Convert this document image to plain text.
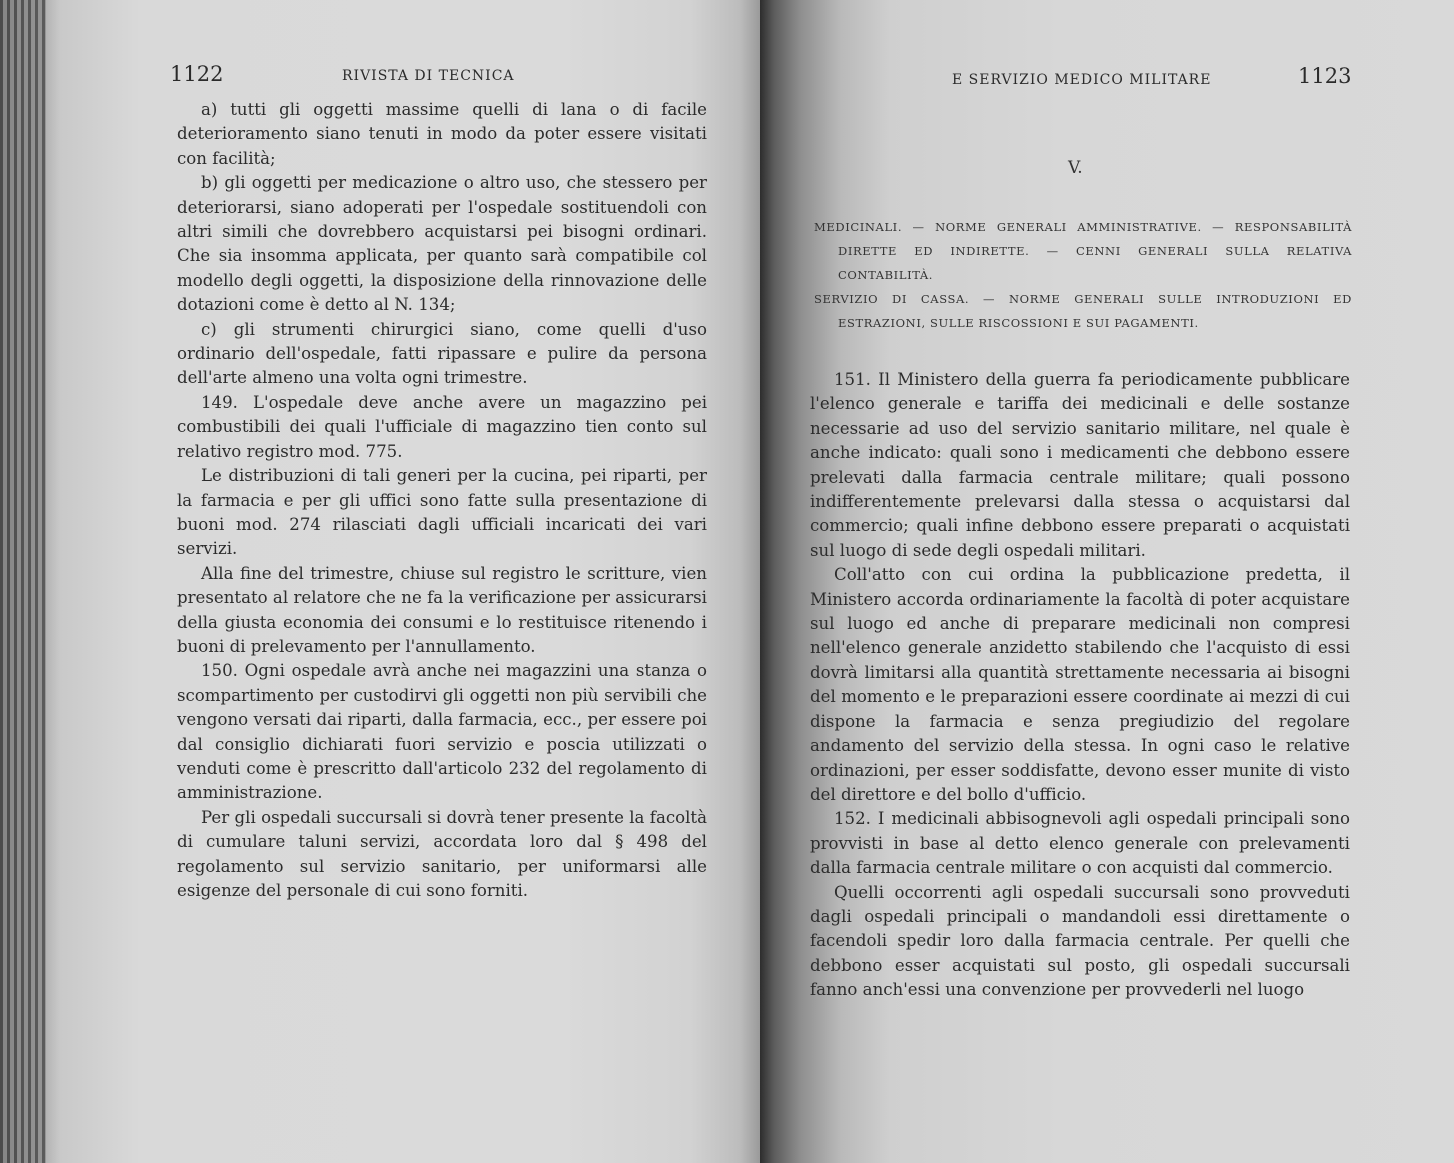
1122	RIVISTA DI TECNICA

a) tutti gli oggetti massime quelli di lana o di facile deterioramento siano tenuti in modo da poter essere visitati con facilità;

b) gli oggetti per medicazione o altro uso, che stessero per deteriorarsi, siano adoperati per l'ospedale sostituendoli con altri simili che dovrebbero acquistarsi pei bisogni ordinari. Che sia insomma applicata, per quanto sarà compatibile col modello degli oggetti, la disposizione della rinnovazione delle dotazioni come è detto al N. 134;

c) gli strumenti chirurgici siano, come quelli d'uso ordinario dell'ospedale, fatti ripassare e pulire da persona dell'arte almeno una volta ogni trimestre.

149. L'ospedale deve anche avere un magazzino pei combustibili dei quali l'ufficiale di magazzino tien conto sul relativo registro mod. 775.

Le distribuzioni di tali generi per la cucina, pei riparti, per la farmacia e per gli uffici sono fatte sulla presentazione di buoni mod. 274 rilasciati dagli ufficiali incaricati dei vari servizi.

Alla fine del trimestre, chiuse sul registro le scritture, vien presentato al relatore che ne fa la verificazione per assicurarsi della giusta economia dei consumi e lo restituisce ritenendo i buoni di prelevamento per l'annullamento.

150. Ogni ospedale avrà anche nei magazzini una stanza o scompartimento per custodirvi gli oggetti non più servibili che vengono versati dai riparti, dalla farmacia, ecc., per essere poi dal consiglio dichiarati fuori servizio e poscia utilizzati o venduti come è prescritto dall'articolo 232 del regolamento di amministrazione.

Per gli ospedali succursali si dovrà tener presente la facoltà di cumulare taluni servizi, accordata loro dal § 498 del regolamento sul servizio sanitario, per uniformarsi alle esigenze del personale di cui sono forniti.

E SERVIZIO MEDICO MILITARE	1123
V.

MEDICINALI. — NORME GENERALI AMMINISTRATIVE. — RESPONSABILITÀ DIRETTE ED INDIRETTE. — CENNI GENERALI SULLA RELATIVA CONTABILITÀ.

SERVIZIO DI CASSA. — NORME GENERALI SULLE INTRODUZIONI ED ESTRAZIONI, SULLE RISCOSSIONI E SUI PAGAMENTI.

151. Il Ministero della guerra fa periodicamente pubblicare l'elenco generale e tariffa dei medicinali e delle sostanze necessarie ad uso del servizio sanitario militare, nel quale è anche indicato: quali sono i medicamenti che debbono essere prelevati dalla farmacia centrale militare; quali possono indifferentemente prelevarsi dalla stessa o acquistarsi dal commercio; quali infine debbono essere preparati o acquistati sul luogo di sede degli ospedali militari.

Coll'atto con cui ordina la pubblicazione predetta, il Ministero accorda ordinariamente la facoltà di poter acquistare sul luogo ed anche di preparare medicinali non compresi nell'elenco generale anzidetto stabilendo che l'acquisto di essi dovrà limitarsi alla quantità strettamente necessaria ai bisogni del momento e le preparazioni essere coordinate ai mezzi di cui dispone la farmacia e senza pregiudizio del regolare andamento del servizio della stessa. In ogni caso le relative ordinazioni, per esser soddisfatte, devono esser munite di visto del direttore e del bollo d'ufficio.

152. I medicinali abbisognevoli agli ospedali principali sono provvisti in base al detto elenco generale con prelevamenti dalla farmacia centrale militare o con acquisti dal commercio.

Quelli occorrenti agli ospedali succursali sono provveduti dagli ospedali principali o mandandoli essi direttamente o facendoli spedir loro dalla farmacia centrale. Per quelli che debbono esser acquistati sul posto, gli ospedali succursali fanno anch'essi una convenzione per provvederli nel luogo
